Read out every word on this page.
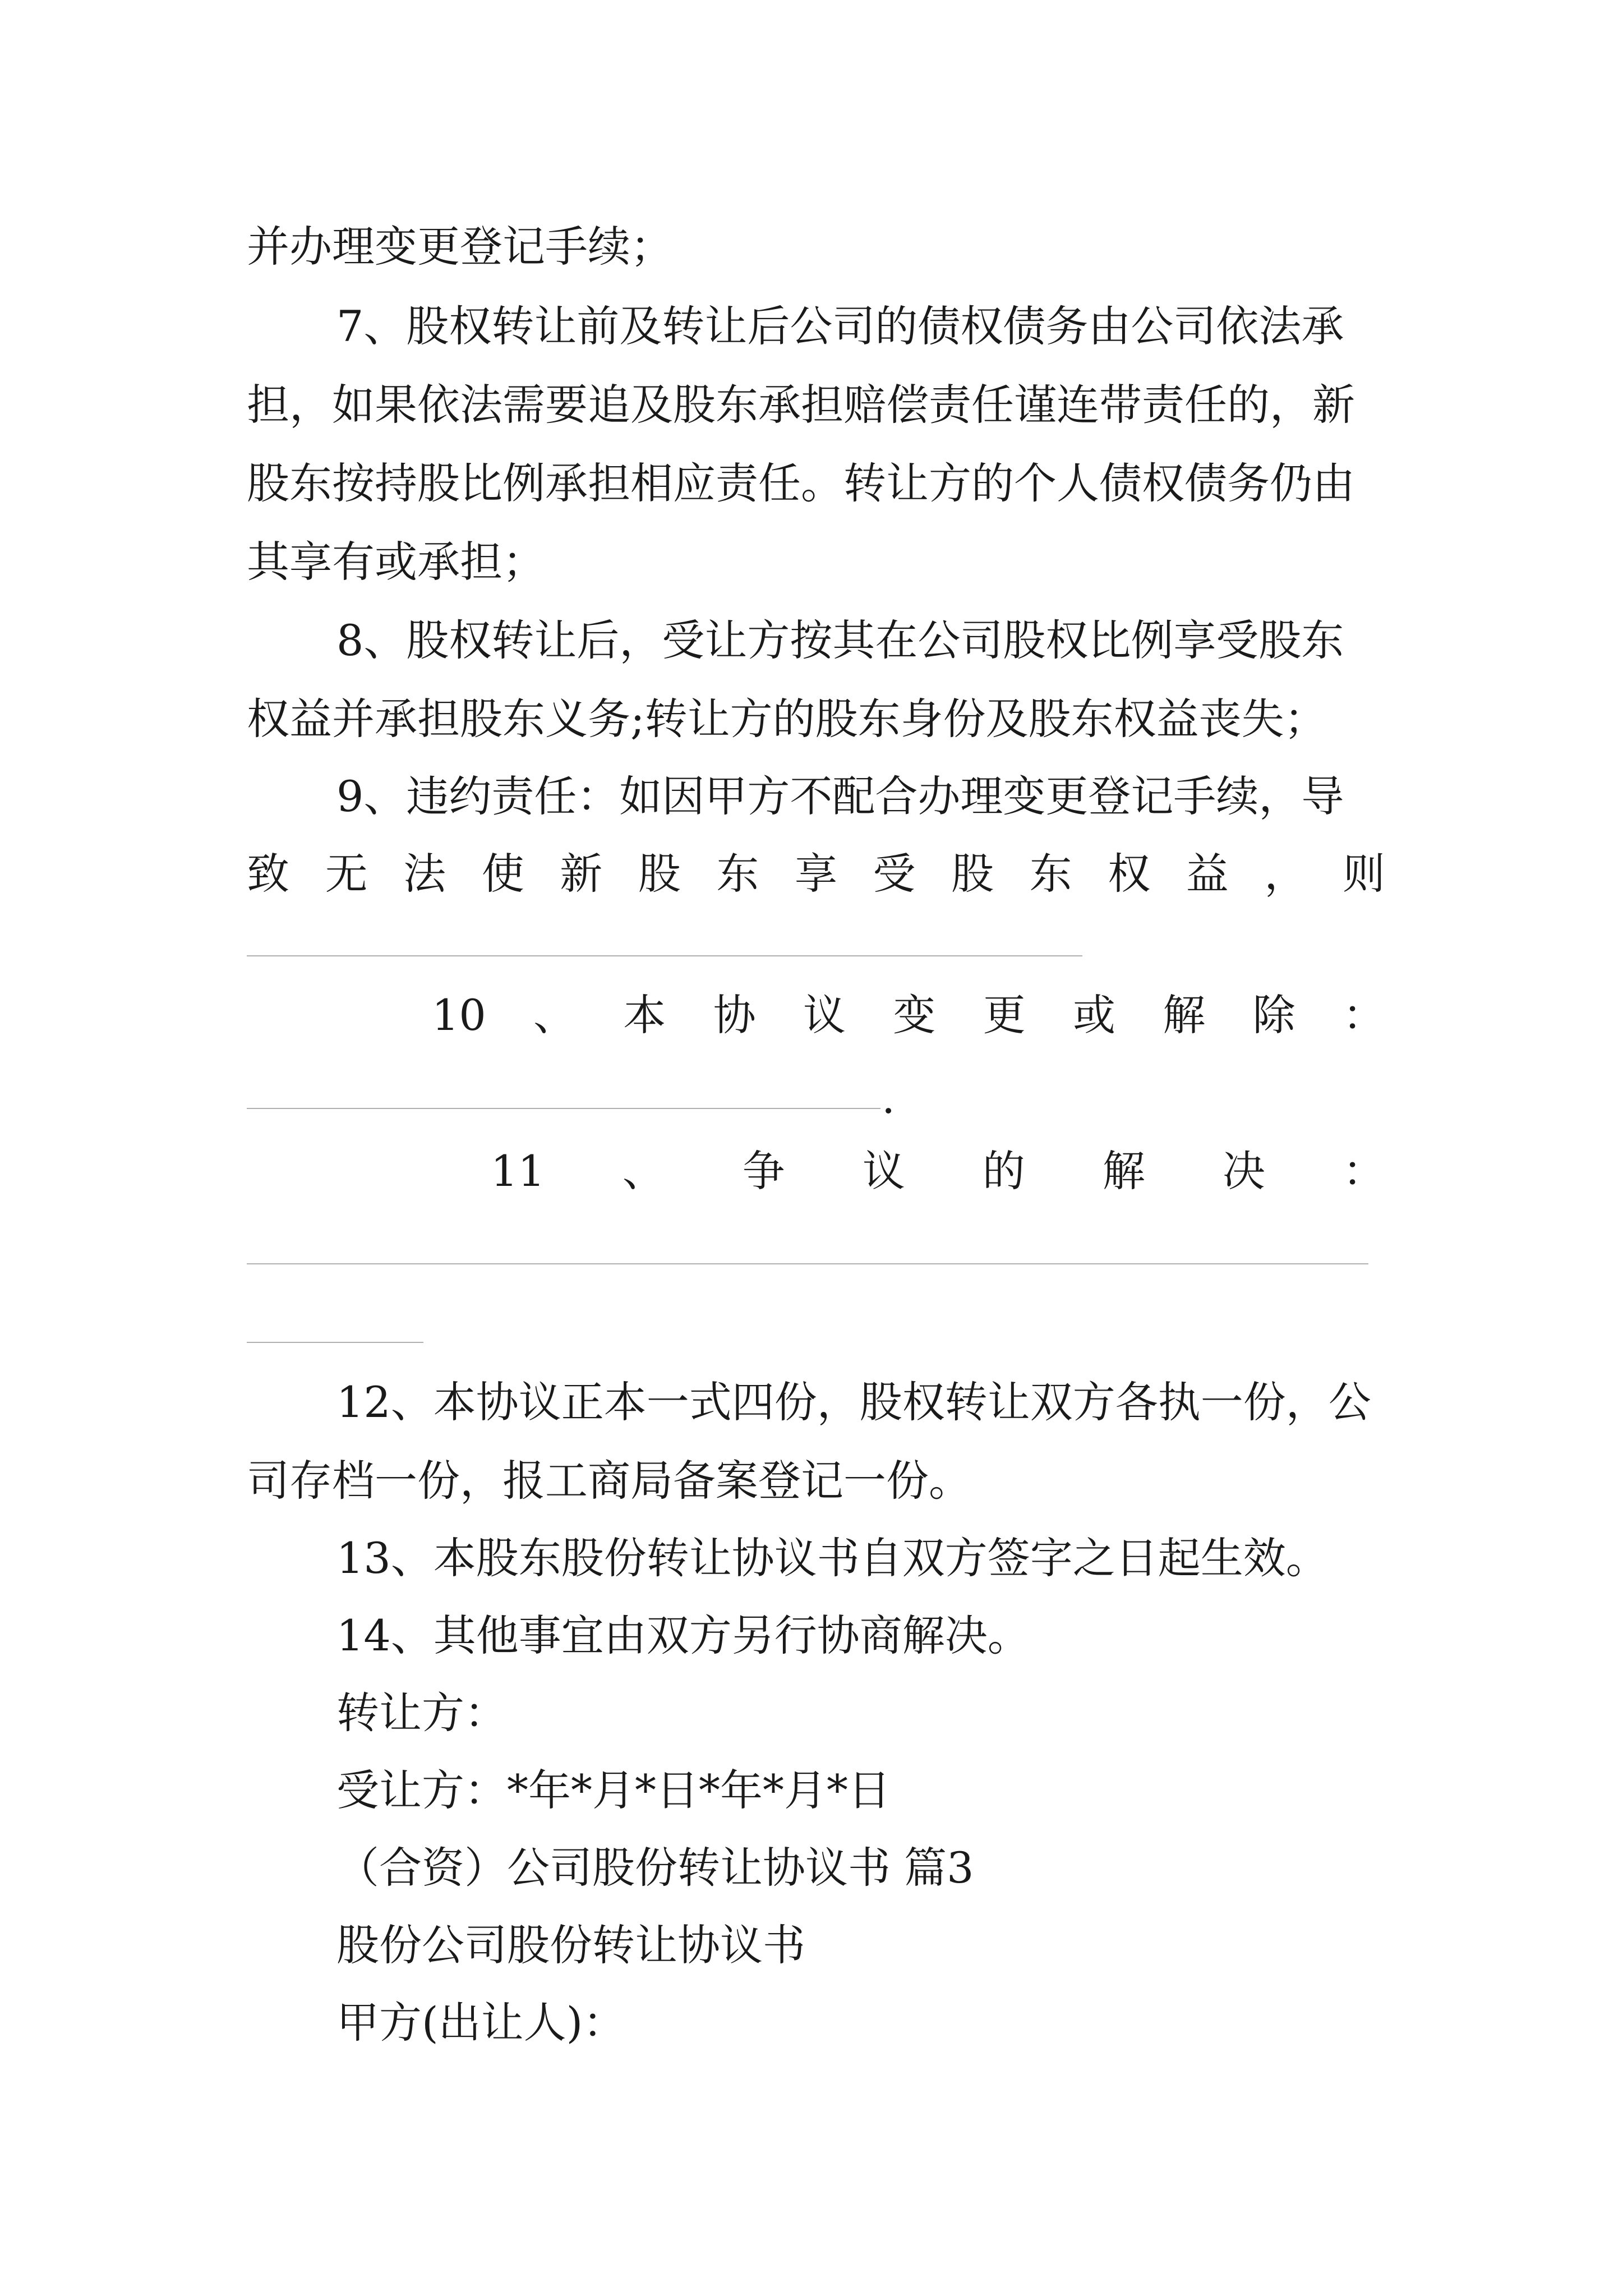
并办理变更登记手续；
7、股权转让前及转让后公司的债权债务由公司依法承
担，如果依法需要追及股东承担赔偿责任谨连带责任的，新
股东按持股比例承担相应责任。转让方的个人债权债务仍由
其享有或承担；
8、股权转让后，受让方按其在公司股权比例享受股东
权益并承担股东义务;转让方的股东身份及股东权益丧失；
9、违约责任：如因甲方不配合办理变更登记手续，导
致 无 法 使 新 股 东 享 受 股 东 权 益 ， 则
10 、 本 协 议 变 更 或 解 除 ：
.
11 、 争 议 的 解 决 ：
12、本协议正本一式四份，股权转让双方各执一份，公
司存档一份，报工商局备案登记一份。
13、本股东股份转让协议书自双方签字之日起生效。
14、其他事宜由双方另行协商解决。
转让方：
受让方：*年*月*日*年*月*日
（合资）公司股份转让协议书 篇3
股份公司股份转让协议书
甲方(出让人)：
